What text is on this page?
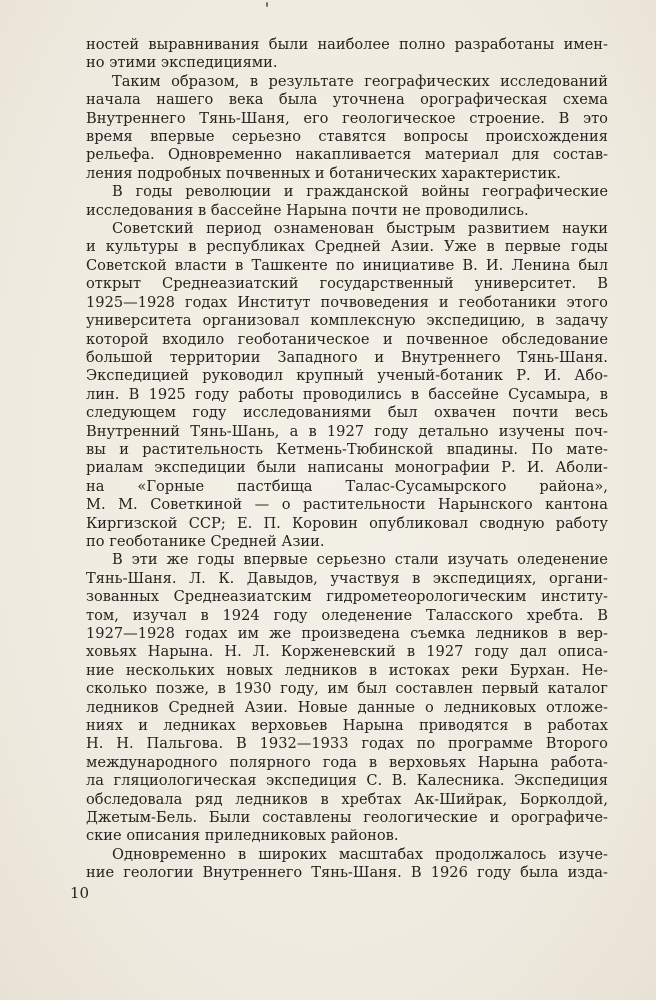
ностей выравнивания были наиболее полно разработаны имен-
но этими экспедициями.
Таким образом, в результате географических исследований
начала нашего века была уточнена орографическая схема
Внутреннего Тянь-Шаня, его геологическое строение. В это
время впервые серьезно ставятся вопросы происхождения
рельефа. Одновременно накапливается материал для состав-
ления подробных почвенных и ботанических характеристик.
В годы революции и гражданской войны географические
исследования в бассейне Нарына почти не проводились.
Советский период ознаменован быстрым развитием науки
и культуры в республиках Средней Азии. Уже в первые годы
Советской власти в Ташкенте по инициативе В. И. Ленина был
открыт Среднеазиатский государственный университет. В
1925—1928 годах Институт почвоведения и геоботаники этого
университета организовал комплексную экспедицию, в задачу
которой входило геоботаническое и почвенное обследование
большой территории Западного и Внутреннего Тянь-Шаня.
Экспедицией руководил крупный ученый-ботаник Р. И. Або-
лин. В 1925 году работы проводились в бассейне Сусамыра, в
следующем году исследованиями был охвачен почти весь
Внутренний Тянь-Шань, а в 1927 году детально изучены поч-
вы и растительность Кетмень-Тюбинской впадины. По мате-
риалам экспедиции были написаны монографии Р. И. Аболи-
на «Горные пастбища Талас-Сусамырского района»,
М. М. Советкиной — о растительности Нарынского кантона
Киргизской ССР; Е. П. Коровин опубликовал сводную работу
по геоботанике Средней Азии.
В эти же годы впервые серьезно стали изучать оледенение
Тянь-Шаня. Л. К. Давыдов, участвуя в экспедициях, органи-
зованных Среднеазиатским гидрометеорологическим институ-
том, изучал в 1924 году оледенение Таласского хребта. В
1927—1928 годах им же произведена съемка ледников в вер-
ховьях Нарына. Н. Л. Корженевский в 1927 году дал описа-
ние нескольких новых ледников в истоках реки Бурхан. Не-
сколько позже, в 1930 году, им был составлен первый каталог
ледников Средней Азии. Новые данные о ледниковых отложе-
ниях и ледниках верховьев Нарына приводятся в работах
Н. Н. Пальгова. В 1932—1933 годах по программе Второго
международного полярного года в верховьях Нарына работа-
ла гляциологическая экспедиция С. В. Калесника. Экспедиция
обследовала ряд ледников в хребтах Ак-Шийрак, Борколдой,
Джетым-Бель. Были составлены геологические и орографиче-
ские описания приледниковых районов.
Одновременно в широких масштабах продолжалось изуче-
ние геологии Внутреннего Тянь-Шаня. В 1926 году была изда-
10
